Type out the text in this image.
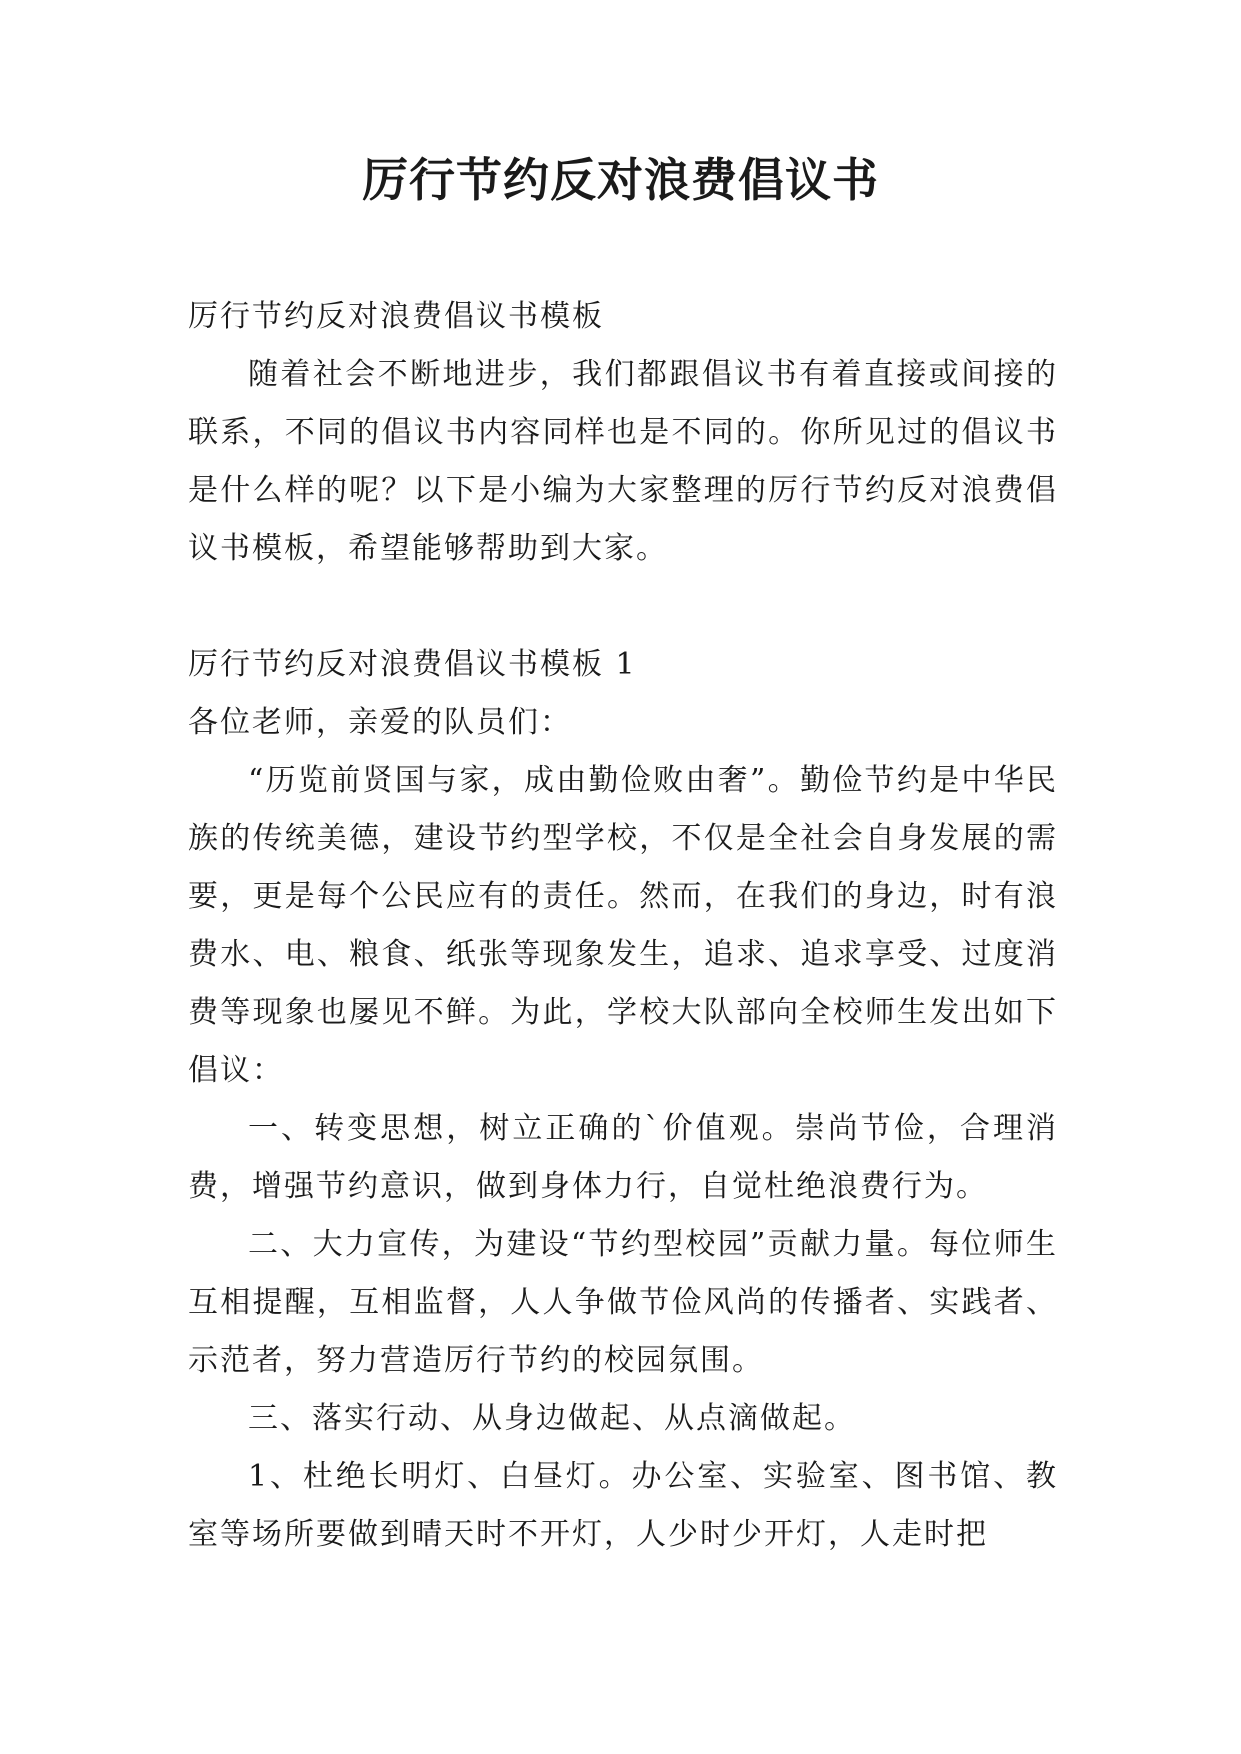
厉行节约反对浪费倡议书

厉行节约反对浪费倡议书模板

随着社会不断地进步，我们都跟倡议书有着直接或间接的联系，不同的倡议书内容同样也是不同的。你所见过的倡议书是什么样的呢？以下是小编为大家整理的厉行节约反对浪费倡议书模板，希望能够帮助到大家。

厉行节约反对浪费倡议书模板 1

各位老师，亲爱的队员们：

“历览前贤国与家，成由勤俭败由奢”。勤俭节约是中华民族的传统美德，建设节约型学校，不仅是全社会自身发展的需要，更是每个公民应有的责任。然而，在我们的身边，时有浪费水、电、粮食、纸张等现象发生，追求、追求享受、过度消费等现象也屡见不鲜。为此，学校大队部向全校师生发出如下倡议：

一、转变思想，树立正确的`价值观。崇尚节俭，合理消费，增强节约意识，做到身体力行，自觉杜绝浪费行为。

二、大力宣传，为建设“节约型校园”贡献力量。每位师生互相提醒，互相监督，人人争做节俭风尚的传播者、实践者、示范者，努力营造厉行节约的校园氛围。

三、落实行动、从身边做起、从点滴做起。

1、杜绝长明灯、白昼灯。办公室、实验室、图书馆、教室等场所要做到晴天时不开灯，人少时少开灯，人走时把
